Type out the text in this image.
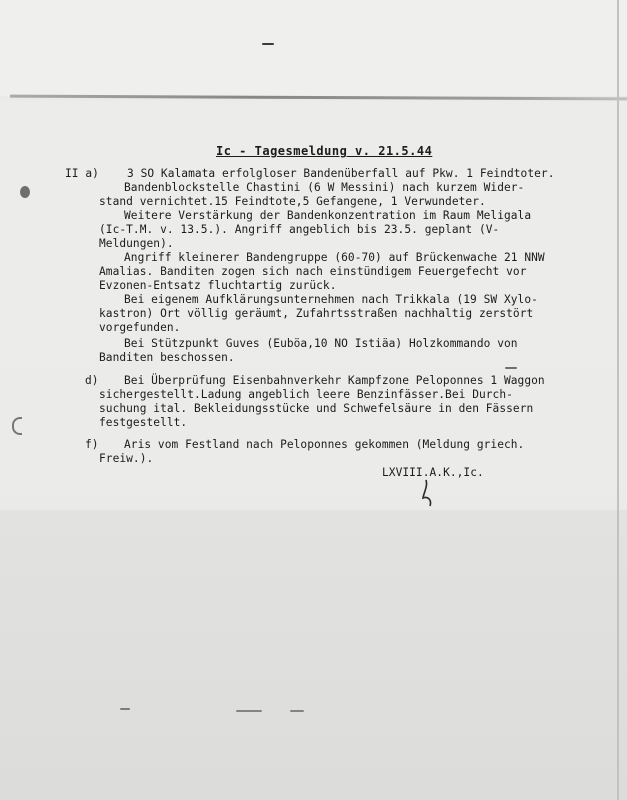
Ic - Tagesmeldung v. 21.5.44
II a)	3 SO Kalamata erfolgloser Bandenüberfall auf Pkw. 1 Feindtoter.
Bandenblockstelle Chastini (6 W Messini) nach kurzem Wider-
stand vernichtet.15 Feindtote,5 Gefangene, 1 Verwundeter.
Weitere Verstärkung der Bandenkonzentration im Raum Meligala
(Ic-T.M. v. 13.5.). Angriff angeblich bis 23.5. geplant (V-
Meldungen).
Angriff kleinerer Bandengruppe (60-70) auf Brückenwache 21 NNW
Amalias. Banditen zogen sich nach einstündigem Feuergefecht vor
Evzonen-Entsatz fluchtartig zurück.
Bei eigenem Aufklärungsunternehmen nach Trikkala (19 SW Xylo-
kastron) Ort völlig geräumt, Zufahrtsstraßen nachhaltig zerstört
vorgefunden.
Bei Stützpunkt Guves (Euböa,10 NO Istiäa) Holzkommando von
Banditen beschossen.
d) Bei Überprüfung Eisenbahnverkehr Kampfzone Peloponnes 1 Waggon
sichergestellt.Ladung angeblich leere Benzinfässer.Bei Durch-
suchung ital. Bekleidungsstücke und Schwefelsäure in den Fässern
festgestellt.
f) Aris vom Festland nach Peloponnes gekommen (Meldung griech.
Freiw.).
LXVIII.A.K.,Ic.
